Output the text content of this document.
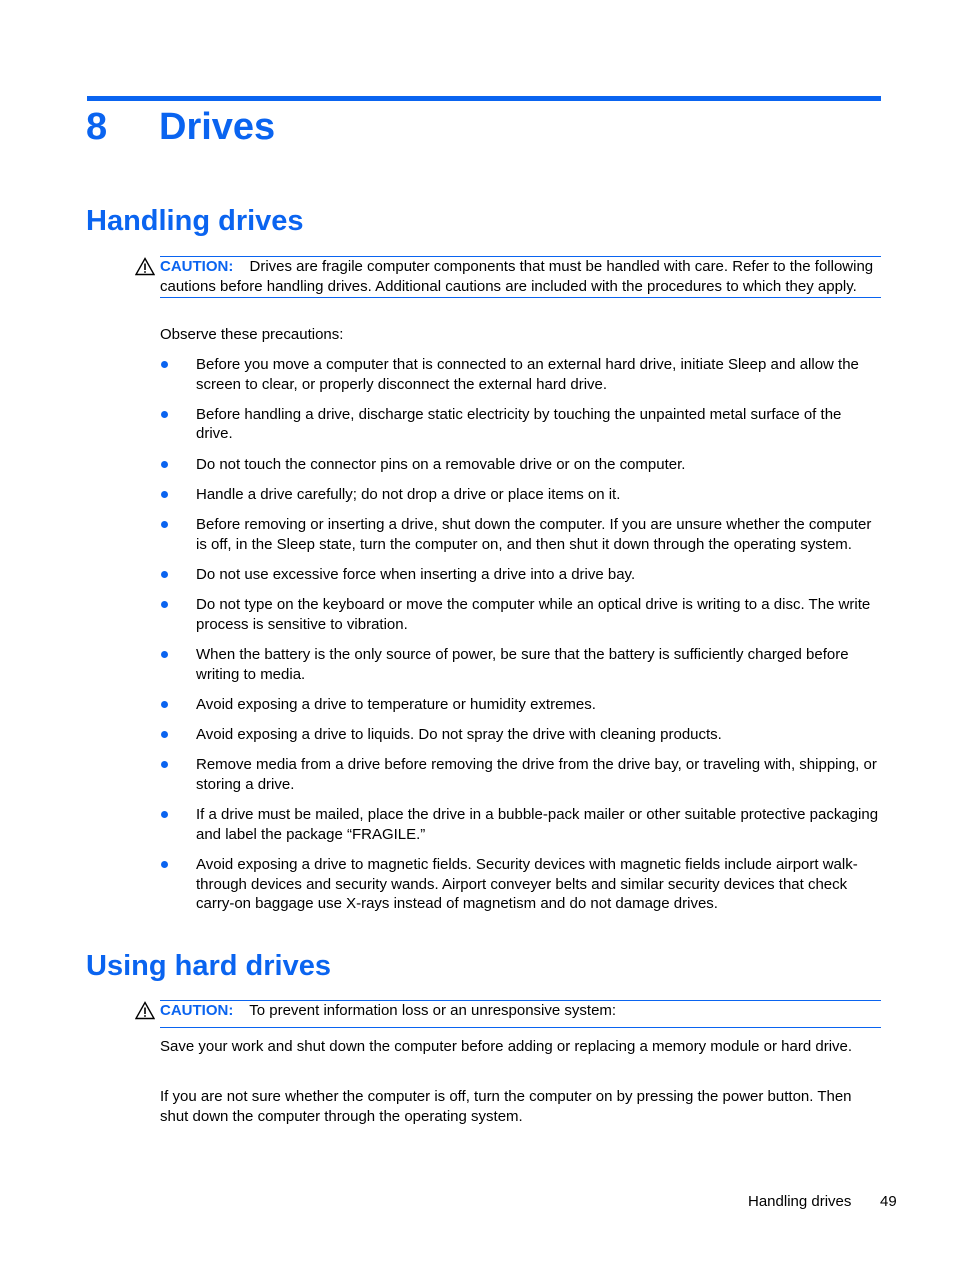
8 Drives
Handling drives
CAUTION: Drives are fragile computer components that must be handled with care. Refer to the following cautions before handling drives. Additional cautions are included with the procedures to which they apply.

Observe these precautions:

Before you move a computer that is connected to an external hard drive, initiate Sleep and allow the screen to clear, or properly disconnect the external hard drive.
Before handling a drive, discharge static electricity by touching the unpainted metal surface of the drive.
Do not touch the connector pins on a removable drive or on the computer.
Handle a drive carefully; do not drop a drive or place items on it.
Before removing or inserting a drive, shut down the computer. If you are unsure whether the computer is off, in the Sleep state, turn the computer on, and then shut it down through the operating system.
Do not use excessive force when inserting a drive into a drive bay.
Do not type on the keyboard or move the computer while an optical drive is writing to a disc. The write process is sensitive to vibration.
When the battery is the only source of power, be sure that the battery is sufficiently charged before writing to media.
Avoid exposing a drive to temperature or humidity extremes.
Avoid exposing a drive to liquids. Do not spray the drive with cleaning products.
Remove media from a drive before removing the drive from the drive bay, or traveling with, shipping, or storing a drive.
If a drive must be mailed, place the drive in a bubble-pack mailer or other suitable protective packaging and label the package “FRAGILE.”
Avoid exposing a drive to magnetic fields. Security devices with magnetic fields include airport walk-through devices and security wands. Airport conveyer belts and similar security devices that check carry-on baggage use X-rays instead of magnetism and do not damage drives.
Using hard drives
CAUTION: To prevent information loss or an unresponsive system:

Save your work and shut down the computer before adding or replacing a memory module or hard drive.

If you are not sure whether the computer is off, turn the computer on by pressing the power button. Then shut down the computer through the operating system.

Handling drives 49
